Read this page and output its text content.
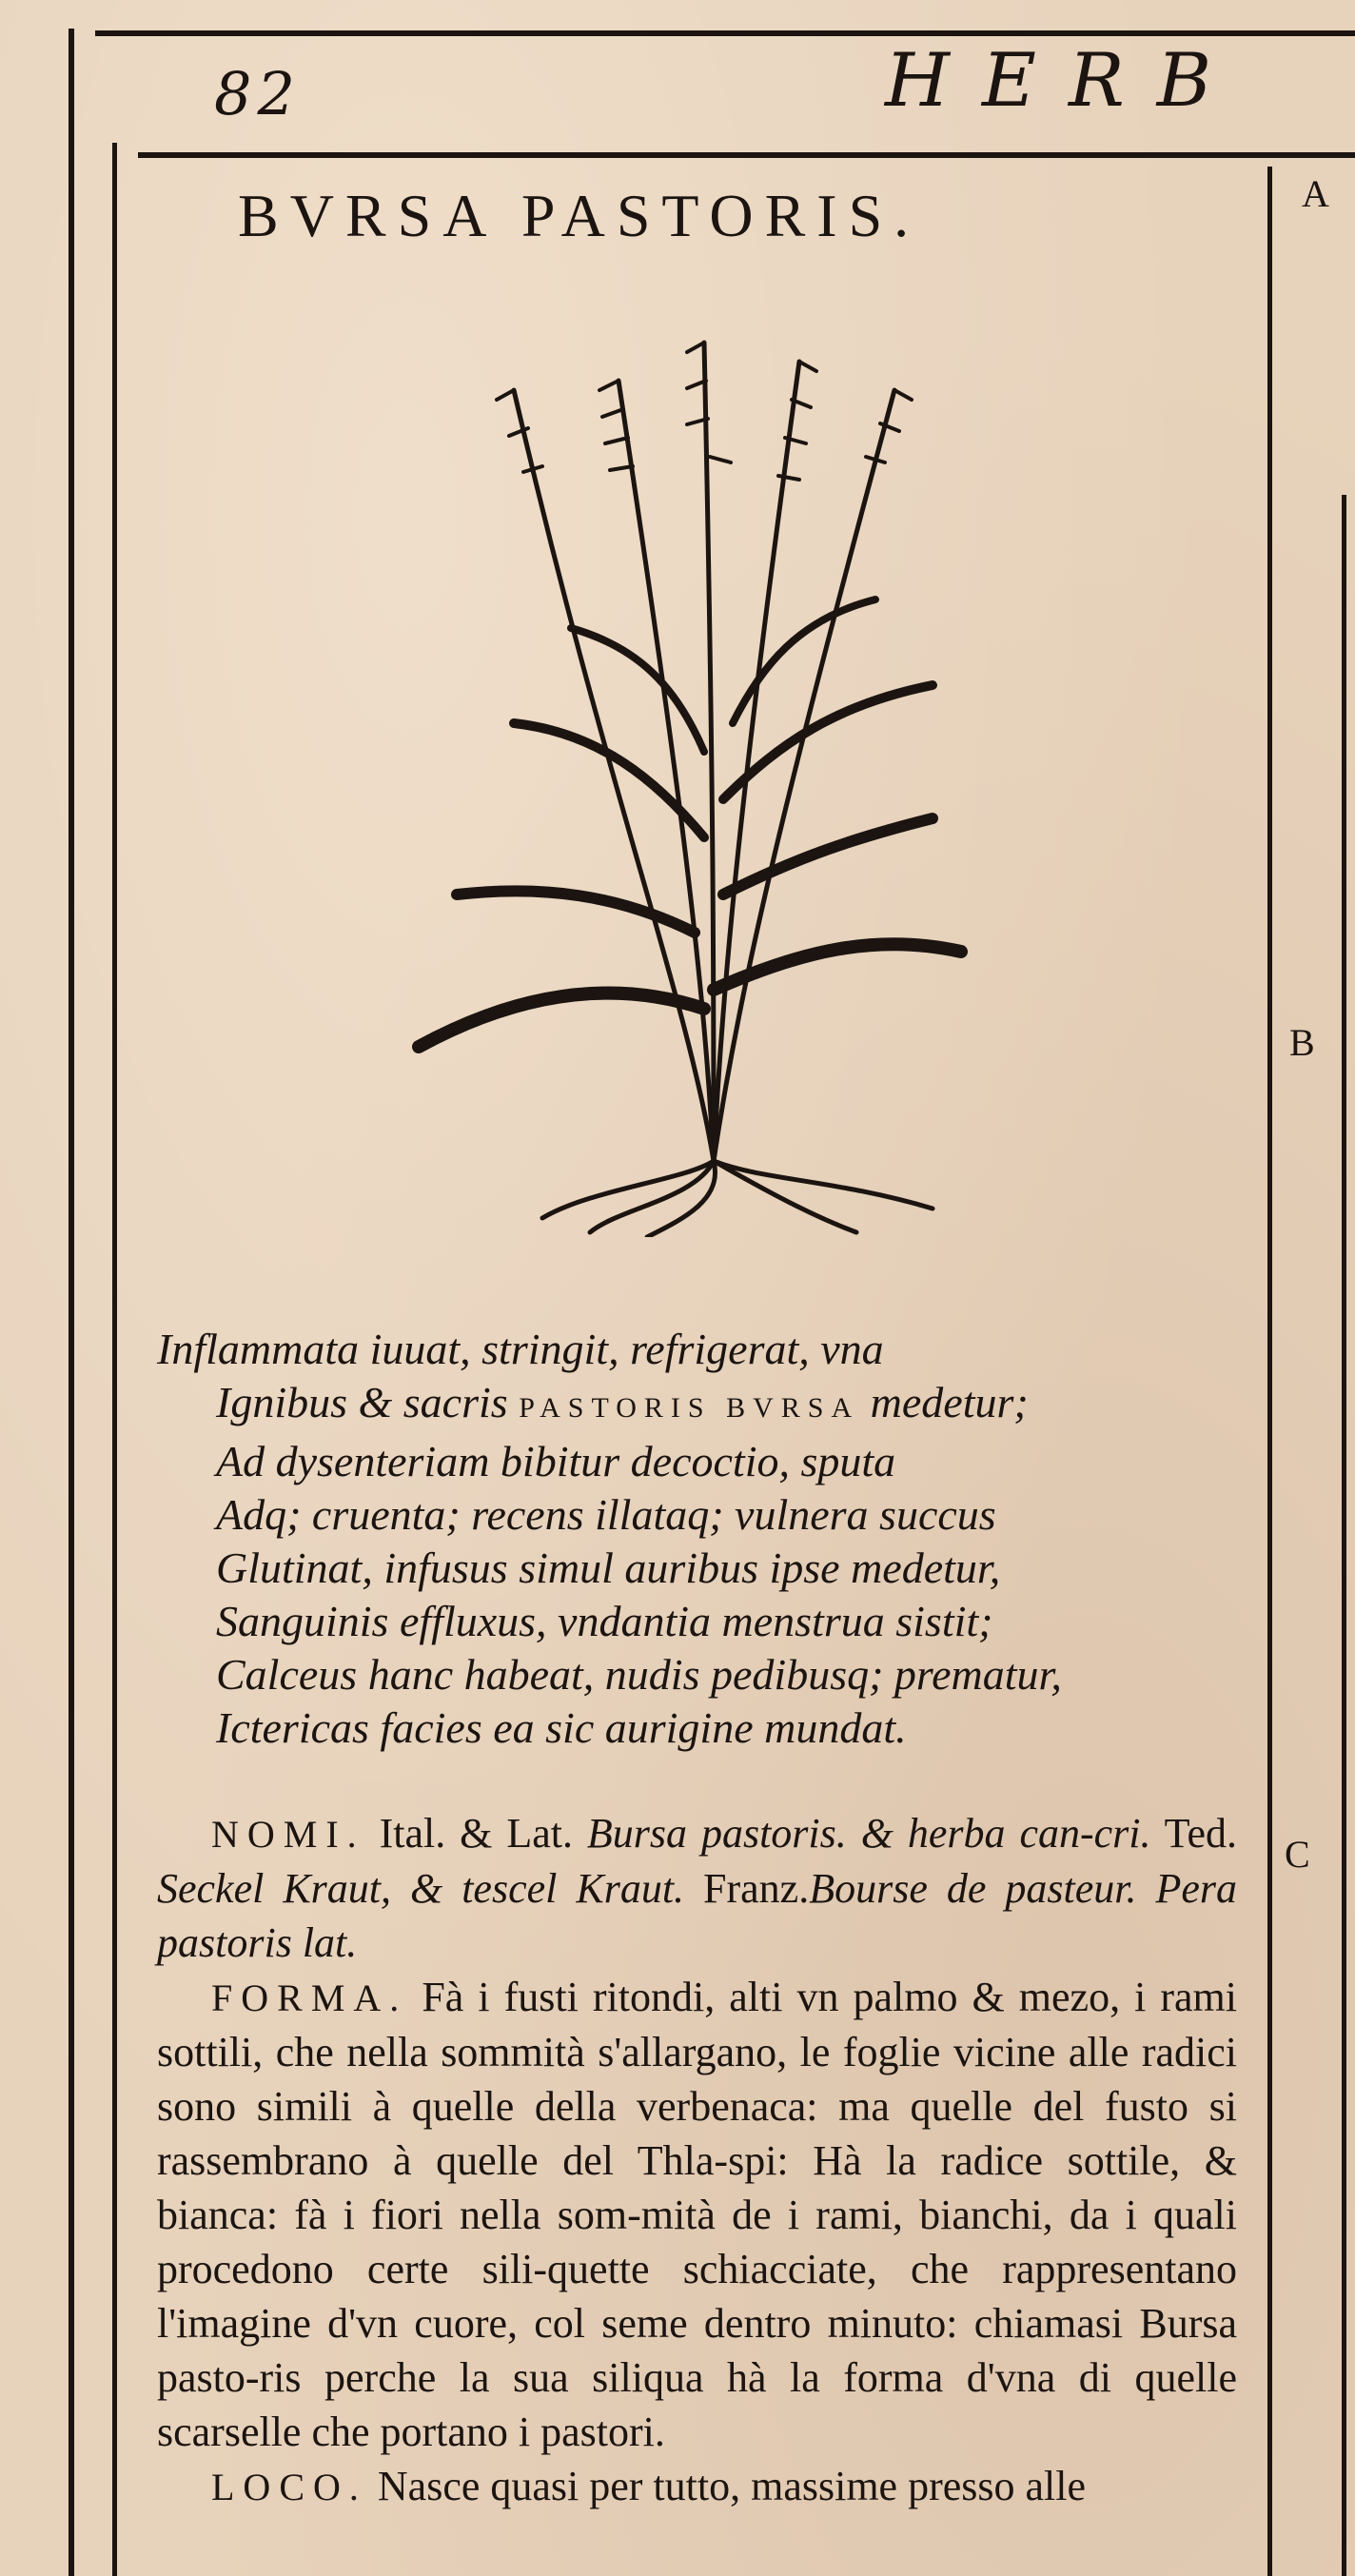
82	HERB
A
B
C
BVRSA PASTORIS.
Inflammata iuuat, stringit, refrigerat, vna
Ignibus & sacris PASTORIS BVRSA medetur;
Ad dysenteriam bibitur decoctio, sputa
Adq; cruenta; recens illataq; vulnera succus
Glutinat, infusus simul auribus ipse medetur,
Sanguinis effluxus, vndantia menstrua sistit;
Calceus hanc habeat, nudis pedibusq; prematur,
Ictericas facies ea sic aurigine mundat.

NOMI. Ital. & Lat. Bursa pastoris. & herba can-cri. Ted. Seckel Kraut, & tescel Kraut. Franz.Bourse de pasteur. Pera pastoris lat.

FORMA. Fà i fusti ritondi, alti vn palmo & mezo, i rami sottili, che nella sommità s'allargano, le foglie vicine alle radici sono simili à quelle della verbenaca: ma quelle del fusto si rassembrano à quelle del Thla-spi: Hà la radice sottile, & bianca: fà i fiori nella som-mità de i rami, bianchi, da i quali procedono certe sili-quette schiacciate, che rappresentano l'imagine d'vn cuore, col seme dentro minuto: chiamasi Bursa pasto-ris perche la sua siliqua hà la forma d'vna di quelle scarselle che portano i pastori.

LOCO. Nasce quasi per tutto, massime presso alle
